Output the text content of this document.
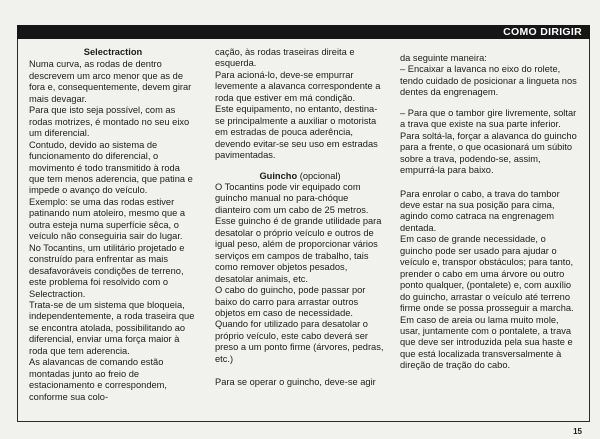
COMO DIRIGIR

Selectraction

Numa curva, as rodas de dentro descrevem um arco menor que as de fora e, consequentemente, devem girar mais devagar.

Para que isto seja possível, com as rodas motrizes, é montado no seu eixo um diferencial.

Contudo, devido ao sistema de funcionamento do diferencial, o movimento é todo transmitido à roda que tem menos aderencia, que patina e impede o avanço do veículo.

Exemplo: se uma das rodas estiver patinando num atoleiro, mesmo que a outra esteja numa superfície sêca, o veículo não conseguiria sair do lugar.

No Tocantins, um utilitário projetado e construído para enfrentar as mais desafavoráveis condições de terreno, este problema foi resolvido com o Selectraction.

Trata-se de um sistema que bloqueia, independentemente, a roda traseira que se encontra atolada, possibilitando ao diferencial, enviar uma força maior à roda que tem aderencia.

As alavancas de comando estão montadas junto ao freio de estacionamento e correspondem, conforme sua colo-

cação, às rodas traseiras direita e esquerda.

Para acioná-lo, deve-se empurrar levemente a alavanca correspondente a roda que estiver em má condição.

Este equipamento, no entanto, destina-se principalmente a auxiliar o motorista em estradas de pouca aderência, devendo evitar-se seu uso em estradas pavimentadas.

Guincho (opcional)

O Tocantins pode vir equipado com guincho manual no para-chóque dianteiro com um cabo de 25 metros. Esse guincho é de grande utilidade para desatolar o próprio veículo e outros de igual peso, além de proporcionar vários serviços em campos de trabalho, tais como remover objetos pesados, desatolar animais, etc.

O cabo do guincho, pode passar por baixo do carro para arrastar outros objetos em caso de necessidade. Quando for utilizado para desatolar o próprio veículo, este cabo deverá ser preso a um ponto firme (árvores, pedras, etc.)

Para se operar o guincho, deve-se agir

da seguinte maneira:

– Encaixar a lavanca no eixo do rolete, tendo cuidado de posicionar a lingueta nos dentes da engrenagem.

– Para que o tambor gire livremente, soltar a trava que existe na sua parte inferior. Para soltá-la, forçar a alavanca do guincho para a frente, o que ocasionará um súbito sobre a trava, podendo-se, assim, empurrá-la para baixo.

Para enrolar o cabo, a trava do tambor deve estar na sua posição para cima, agindo como catraca na engrenagem dentada.

Em caso de grande necessidade, o guincho pode ser usado para ajudar o veículo e, transpor obstáculos; para tanto, prender o cabo em uma árvore ou outro ponto qualquer, (pontalete) e, com auxílio do guincho, arrastar o veículo até terreno firme onde se possa prosseguir a marcha. Em caso de areia ou lama muito mole, usar, juntamente com o pontalete, a trava que deve ser introduzida pela sua haste e que está localizada transversalmente à direção de tração do cabo.

15
